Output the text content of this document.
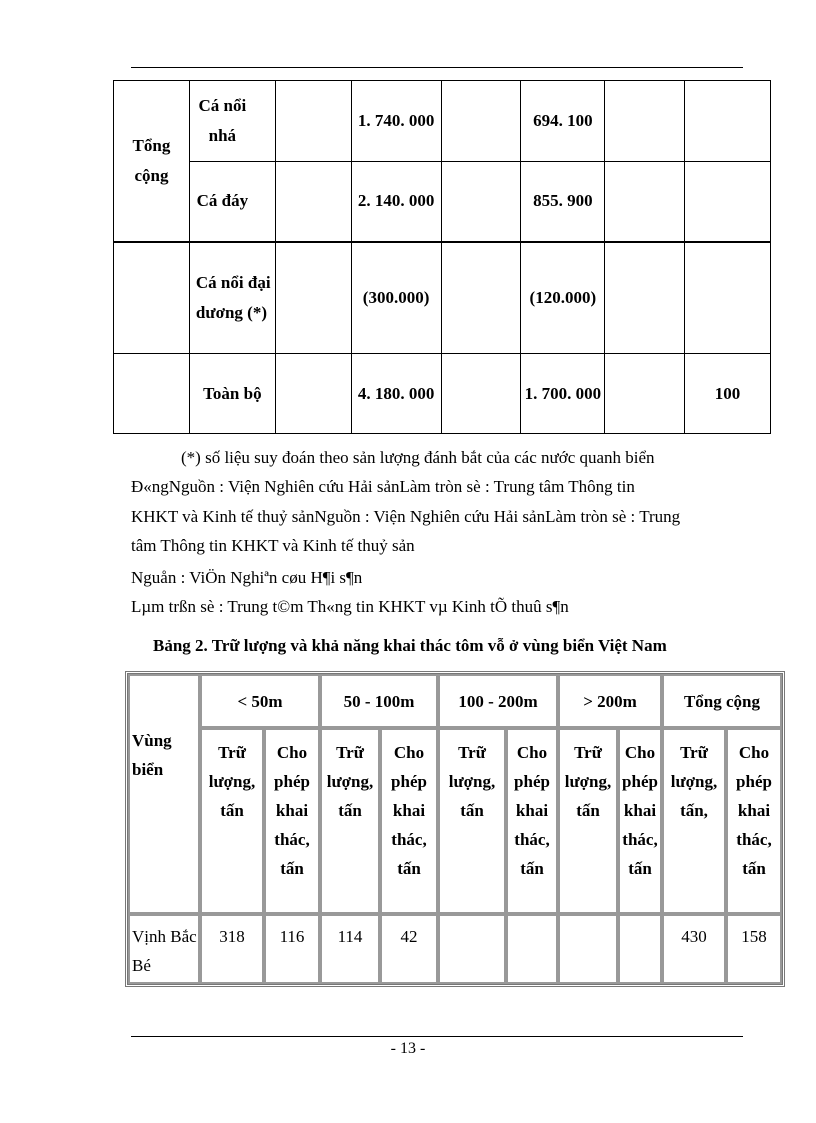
Tổng cộng	Cá nổi nhá		1. 740. 000		694. 100		
	Cá đáy		2. 140. 000		855. 900		
	Cá nổi đại dương (*)		(300.000)		(120.000)		
	Toàn bộ		4. 180. 000		1. 700. 000		100

(*) số liệu suy đoán theo sản lượng đánh bắt của các nước quanh biển

Đ«ngNguồn : Viện Nghiên cứu Hải sảnLàm tròn sè : Trung tâm Thông tin

KHKT và Kinh tế thuỷ sảnNguồn : Viện Nghiên cứu Hải sảnLàm tròn sè : Trung

tâm Thông tin KHKT và Kinh tế thuỷ sản

Nguån : ViÖn Nghiªn cøu H¶i s¶n

Lµm trßn sè : Trung t©m Th«ng tin KHKT vµ Kinh tÕ thuû s¶n

Bảng 2. Trữ lượng và khả năng khai thác tôm vỗ ở vùng biển Việt Nam

Vùng biển	< 50m		50 - 100m		100 - 200m		> 200m		Tổng cộng	
	Trữ lượng, tấn	Cho phép khai thác, tấn	Trữ lượng, tấn	Cho phép khai thác, tấn	Trữ lượng, tấn	Cho phép khai thác, tấn	Trữ lượng, tấn	Cho phép khai thác, tấn	Trữ lượng, tấn,	Cho phép khai thác, tấn
Vịnh Bắc Bé	318	116	114	42					430	158
- 13 -
